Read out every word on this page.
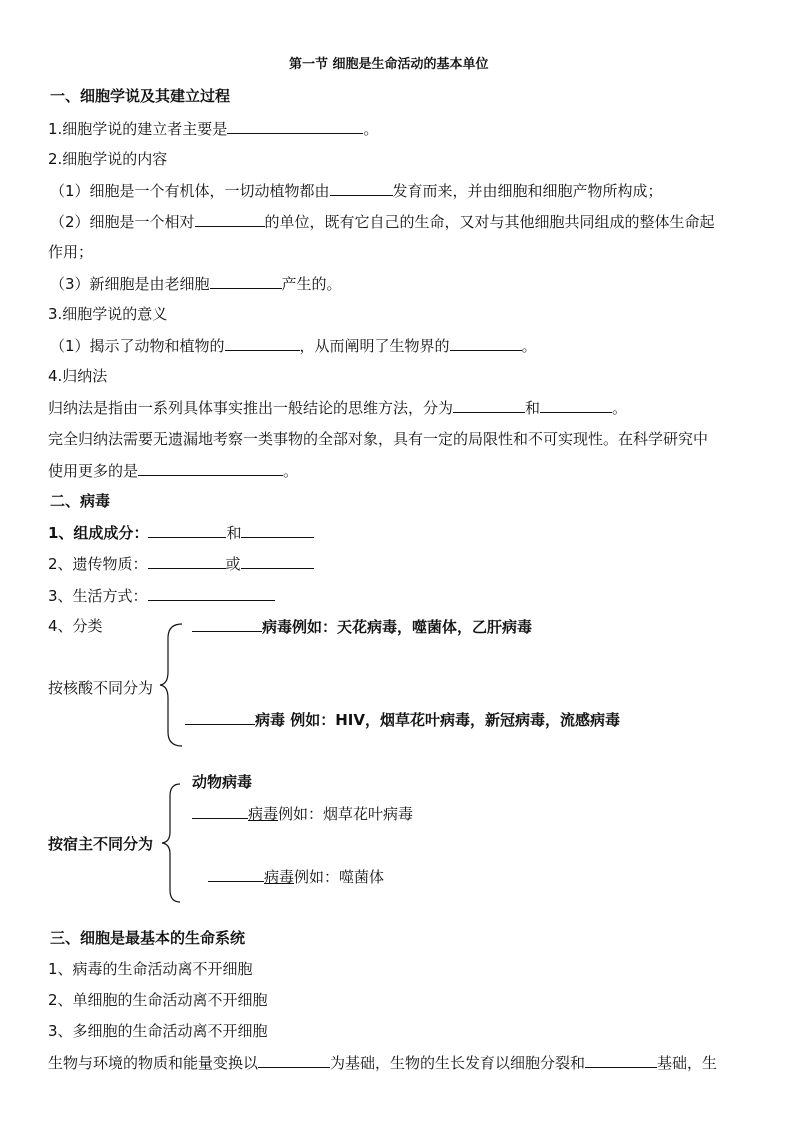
第一节 细胞是生命活动的基本单位
一、细胞学说及其建立过程
1.细胞学说的建立者主要是	。
2.细胞学说的内容
（1）细胞是一个有机体，一切动植物都由	发育而来，并由细胞和细胞产物所构成；
（2）细胞是一个相对	的单位，既有它自己的生命，又对与其他细胞共同组成的整体生命起
作用；
（3）新细胞是由老细胞	产生的。
3.细胞学说的意义
（1）揭示了动物和植物的	，从而阐明了生物界的	。
4.归纳法
归纳法是指由一系列具体事实推出一般结论的思维方法，分为	和	。
完全归纳法需要无遗漏地考察一类事物的全部对象，具有一定的局限性和不可实现性。在科学研究中
使用更多的是	。
二、病毒
1、组成成分：	和
2、遗传物质：	或
3、生活方式：
4、分类
按核酸不同分为
病毒例如：天花病毒，噬菌体，乙肝病毒
病毒 例如：HIV，烟草花叶病毒，新冠病毒，流感病毒
动物病毒
按宿主不同分为
病毒例如：烟草花叶病毒
病毒例如：噬菌体
三、细胞是最基本的生命系统
1、病毒的生命活动离不开细胞
2、单细胞的生命活动离不开细胞
3、多细胞的生命活动离不开细胞
生物与环境的物质和能量变换以	为基础，生物的生长发育以细胞分裂和	基础，生
